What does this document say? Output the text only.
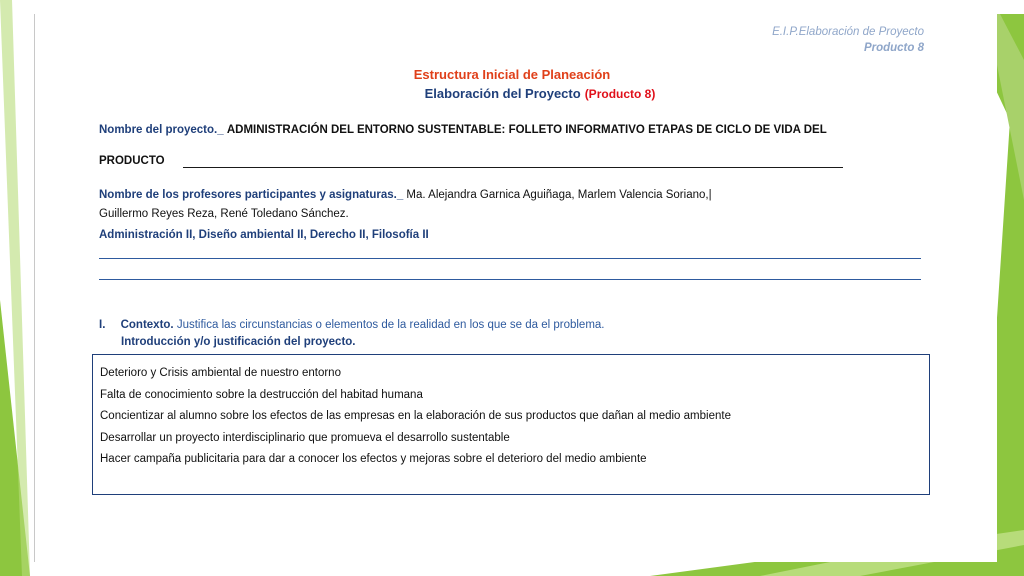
E.I.P.Elaboración de Proyecto
Producto 8
Estructura Inicial de Planeación
Elaboración del Proyecto (Producto 8)
Nombre del proyecto._ ADMINISTRACIÓN DEL ENTORNO SUSTENTABLE: FOLLETO INFORMATIVO ETAPAS DE CICLO DE VIDA DEL
PRODUCTO
Nombre de los profesores participantes y asignaturas._ Ma. Alejandra Garnica Aguiñaga, Marlem Valencia Soriano,|
Guillermo Reyes Reza, René Toledano Sánchez.
Administración II, Diseño ambiental II, Derecho II, Filosofía II
I. Contexto. Justifica las circunstancias o elementos de la realidad en los que se da el problema.
Introducción y/o justificación del proyecto.
Deterioro y Crisis ambiental de nuestro entorno
Falta de conocimiento sobre la destrucción del habitad humana
Concientizar al alumno sobre los efectos de las empresas en la elaboración de sus productos que dañan al medio ambiente
Desarrollar un proyecto interdisciplinario que promueva el desarrollo sustentable
Hacer campaña publicitaria para dar a conocer los efectos y mejoras sobre el deterioro del medio ambiente
